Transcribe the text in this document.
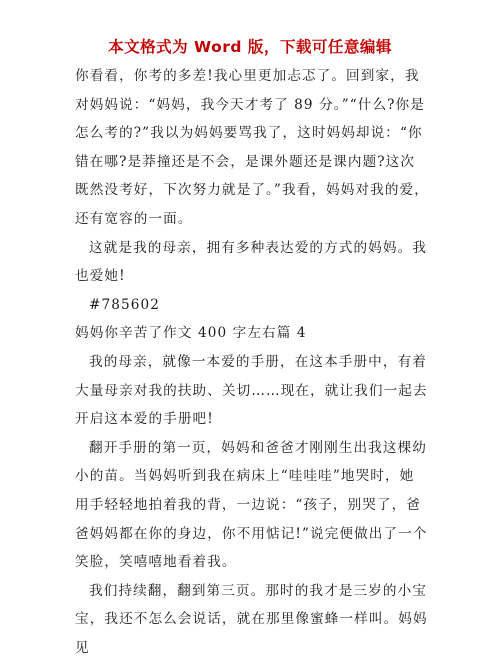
本文格式为 Word 版，下载可任意编辑

你看看，你考的多差!我心里更加忐忑了。回到家，我对妈妈说：“妈妈，我今天才考了 89 分。”“什么?你是怎么考的?”我以为妈妈要骂我了，这时妈妈却说：“你错在哪?是莽撞还是不会，是课外题还是课内题?这次既然没考好，下次努力就是了。”我看，妈妈对我的爱，还有宽容的一面。

这就是我的母亲，拥有多种表达爱的方式的妈妈。我也爱她!

#785602

妈妈你辛苦了作文 400 字左右篇 4

我的母亲，就像一本爱的手册，在这本手册中，有着大量母亲对我的扶助、关切……现在，就让我们一起去开启这本爱的手册吧!

翻开手册的第一页，妈妈和爸爸才刚刚生出我这棵幼小的苗。当妈妈听到我在病床上“哇哇哇”地哭时，她用手轻轻地拍着我的背，一边说：“孩子，别哭了，爸爸妈妈都在你的身边，你不用惦记!”说完便做出了一个笑脸，笑嘻嘻地看着我。

我们持续翻，翻到第三页。那时的我才是三岁的小宝宝，我还不怎么会说话，就在那里像蜜蜂一样叫。妈妈见
